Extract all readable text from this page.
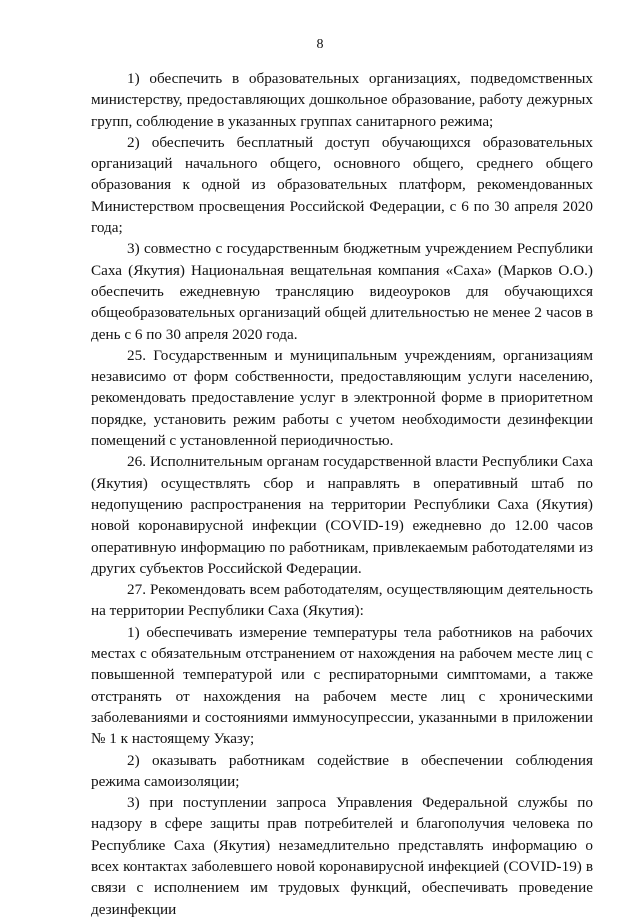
8

1) обеспечить в образовательных организациях, подведомственных министерству, предоставляющих дошкольное образование, работу дежурных групп, соблюдение в указанных группах санитарного режима;

2) обеспечить бесплатный доступ обучающихся образовательных организаций начального общего, основного общего, среднего общего образования к одной из образовательных платформ, рекомендованных Министерством просвещения Российской Федерации, с 6 по 30 апреля 2020 года;

3) совместно с государственным бюджетным учреждением Республики Саха (Якутия) Национальная вещательная компания «Саха» (Марков О.О.) обеспечить ежедневную трансляцию видеоуроков для обучающихся общеобразовательных организаций общей длительностью не менее 2 часов в день с 6 по 30 апреля 2020 года.

25. Государственным и муниципальным учреждениям, организациям независимо от форм собственности, предоставляющим услуги населению, рекомендовать предоставление услуг в электронной форме в приоритетном порядке, установить режим работы с учетом необходимости дезинфекции помещений с установленной периодичностью.

26. Исполнительным органам государственной власти Республики Саха (Якутия) осуществлять сбор и направлять в оперативный штаб по недопущению распространения на территории Республики Саха (Якутия) новой коронавирусной инфекции (COVID-19) ежедневно до 12.00 часов оперативную информацию по работникам, привлекаемым работодателями из других субъектов Российской Федерации.

27. Рекомендовать всем работодателям, осуществляющим деятельность на территории Республики Саха (Якутия):

1) обеспечивать измерение температуры тела работников на рабочих местах с обязательным отстранением от нахождения на рабочем месте лиц с повышенной температурой или с респираторными симптомами, а также отстранять от нахождения на рабочем месте лиц с хроническими заболеваниями и состояниями иммуносупрессии, указанными в приложении № 1 к настоящему Указу;

2) оказывать работникам содействие в обеспечении соблюдения режима самоизоляции;

3) при поступлении запроса Управления Федеральной службы по надзору в сфере защиты прав потребителей и благополучия человека по Республике Саха (Якутия) незамедлительно представлять информацию о всех контактах заболевшего новой коронавирусной инфекцией (COVID-19) в связи с исполнением им трудовых функций, обеспечивать проведение дезинфекции
